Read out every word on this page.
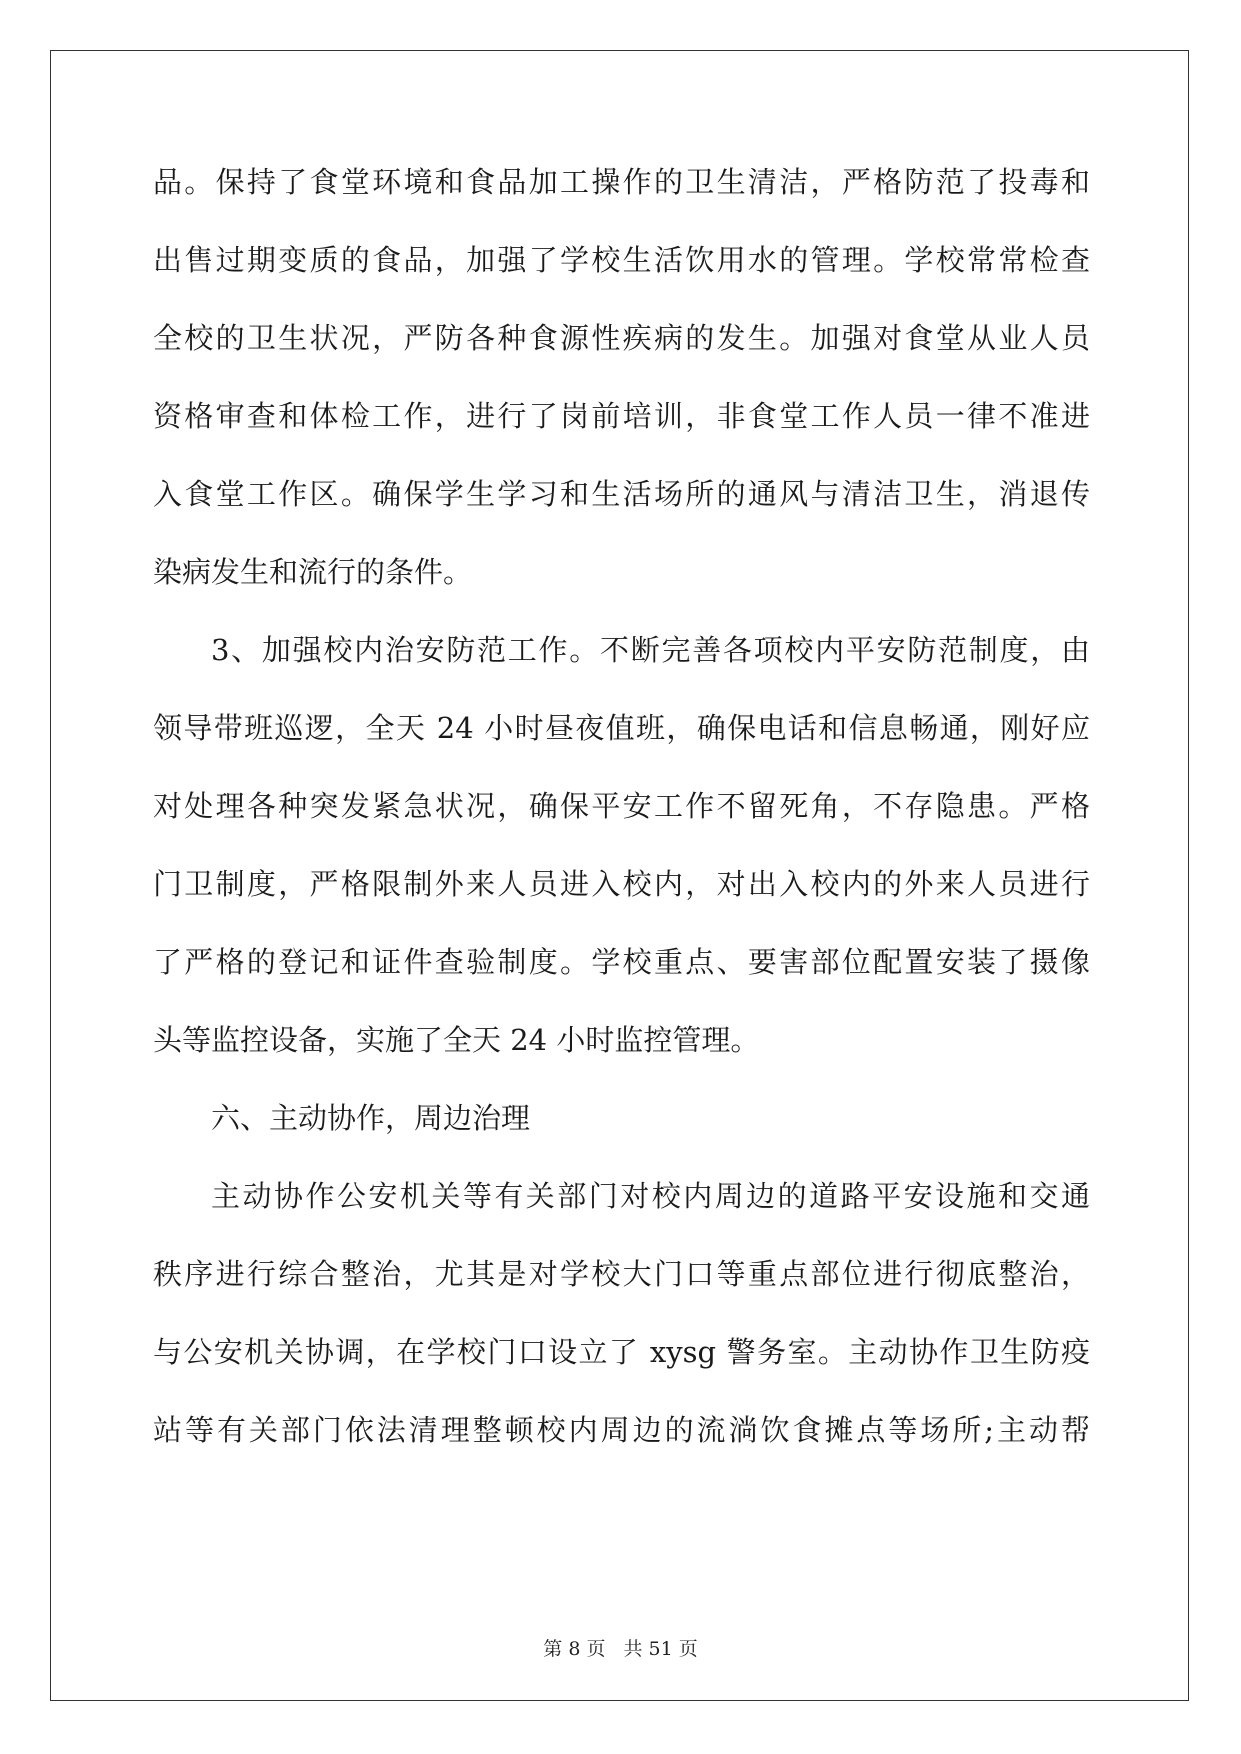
品。保持了食堂环境和食品加工操作的卫生清洁，严格防范了投毒和
出售过期变质的食品，加强了学校生活饮用水的管理。学校常常检查
全校的卫生状况，严防各种食源性疾病的发生。加强对食堂从业人员
资格审查和体检工作，进行了岗前培训，非食堂工作人员一律不准进
入食堂工作区。确保学生学习和生活场所的通风与清洁卫生，消退传
染病发生和流行的条件。
3、加强校内治安防范工作。不断完善各项校内平安防范制度，由
领导带班巡逻，全天 24 小时昼夜值班，确保电话和信息畅通，刚好应
对处理各种突发紧急状况，确保平安工作不留死角，不存隐患。严格
门卫制度，严格限制外来人员进入校内，对出入校内的外来人员进行
了严格的登记和证件查验制度。学校重点、要害部位配置安装了摄像
头等监控设备，实施了全天 24 小时监控管理。
六、主动协作，周边治理
主动协作公安机关等有关部门对校内周边的道路平安设施和交通
秩序进行综合整治，尤其是对学校大门口等重点部位进行彻底整治，
与公安机关协调，在学校门口设立了 xysg 警务室。主动协作卫生防疫
站等有关部门依法清理整顿校内周边的流淌饮食摊点等场所;主动帮
第 8 页 共 51 页
